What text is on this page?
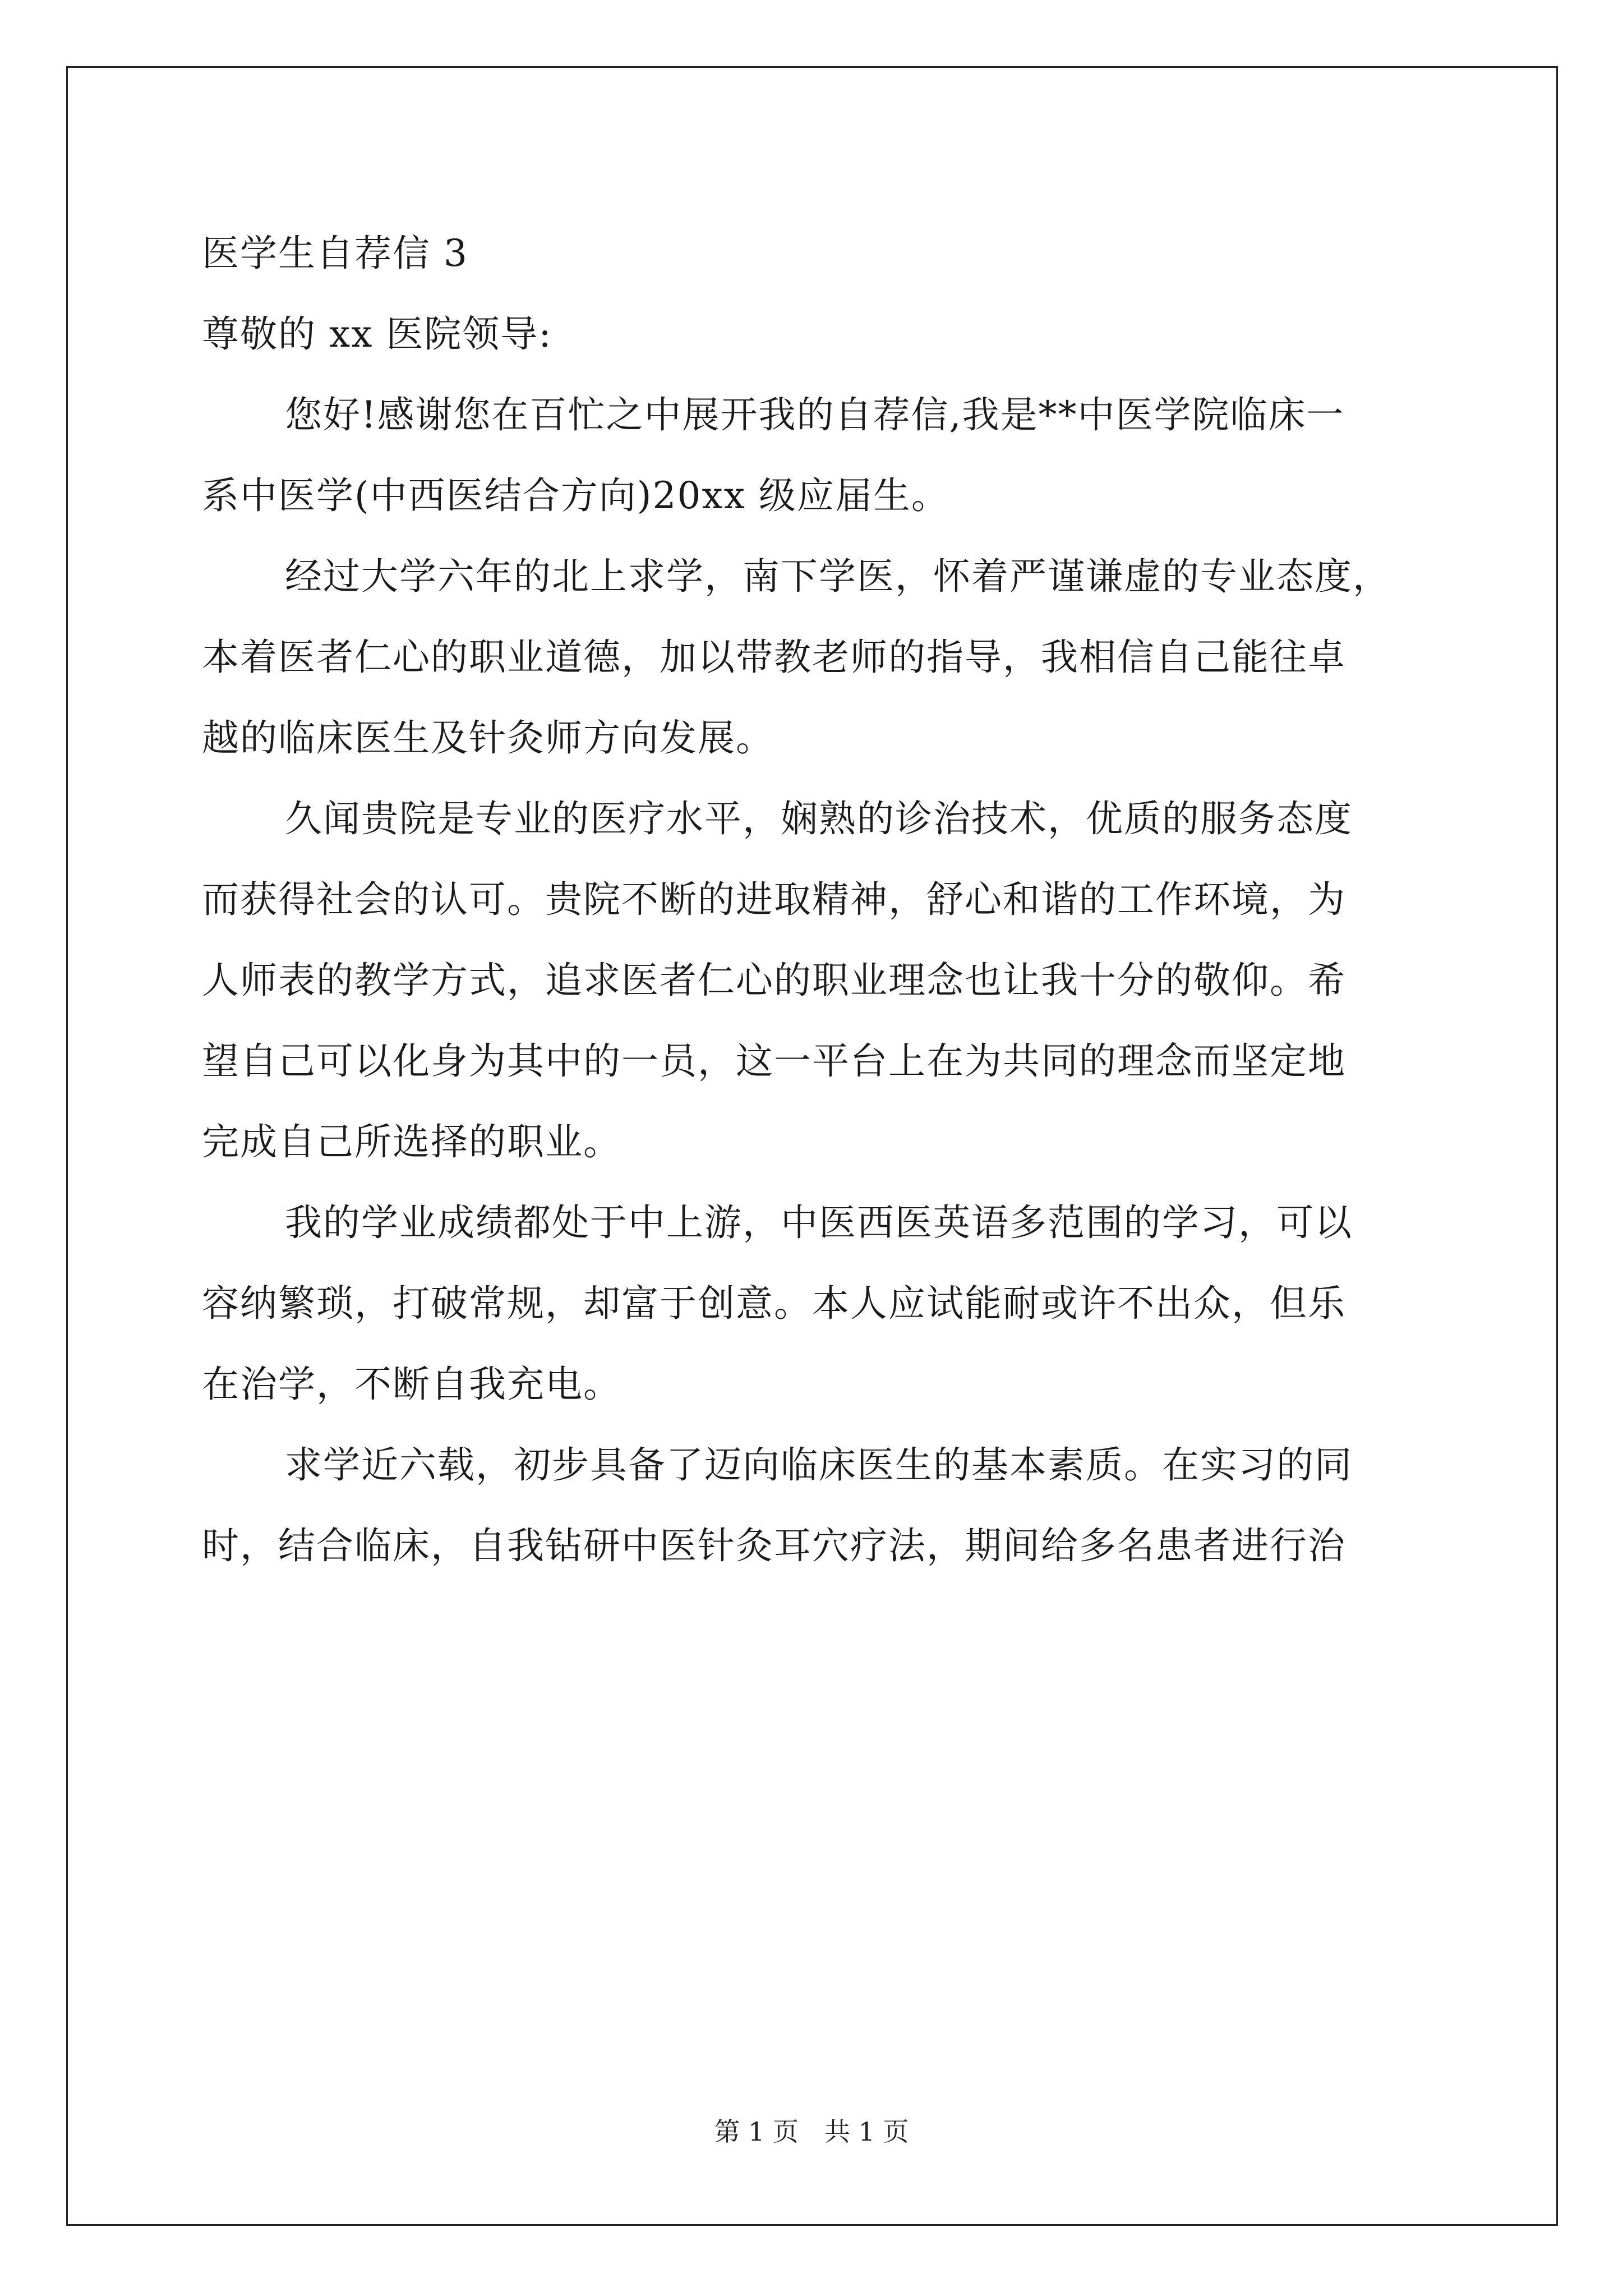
医学生自荐信 3
尊敬的 xx 医院领导:
您好!感谢您在百忙之中展开我的自荐信,我是**中医学院临床一
系中医学(中西医结合方向)20xx 级应届生。
经过大学六年的北上求学，南下学医，怀着严谨谦虚的专业态度，
本着医者仁心的职业道德，加以带教老师的指导，我相信自己能往卓
越的临床医生及针灸师方向发展。
久闻贵院是专业的医疗水平，娴熟的诊治技术，优质的服务态度
而获得社会的认可。贵院不断的进取精神，舒心和谐的工作环境，为
人师表的教学方式，追求医者仁心的职业理念也让我十分的敬仰。希
望自己可以化身为其中的一员，这一平台上在为共同的理念而坚定地
完成自己所选择的职业。
我的学业成绩都处于中上游，中医西医英语多范围的学习，可以
容纳繁琐，打破常规，却富于创意。本人应试能耐或许不出众，但乐
在治学，不断自我充电。
求学近六载，初步具备了迈向临床医生的基本素质。在实习的同
时，结合临床，自我钻研中医针灸耳穴疗法，期间给多名患者进行治
第 1 页　共 1 页
